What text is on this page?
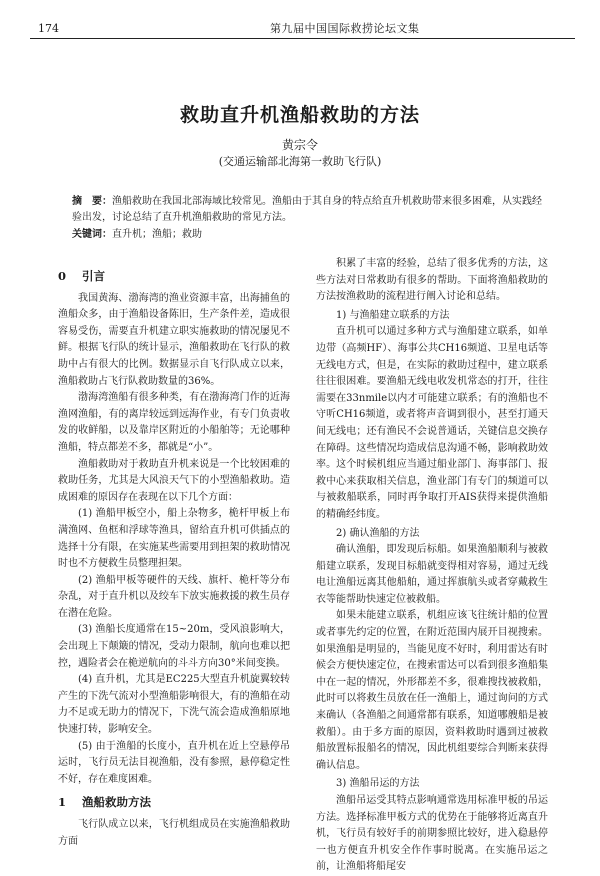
174	第九届中国国际救捞论坛文集
救助直升机渔船救助的方法
黄宗令
(交通运输部北海第一救助飞行队)
摘　要：渔船救助在我国北部海域比较常见。渔船由于其自身的特点给直升机救助带来很多困难，从实践经验出发，讨论总结了直升机渔船救助的常见方法。
关键词：直升机；渔船；救助
0 引言

我国黄海、渤海湾的渔业资源丰富，出海捕鱼的渔船众多，由于渔船设备陈旧，生产条件差，造成很容易受伤，需要直升机建立职实施救助的情况屡见不鲜。根据飞行队的统计显示，渔船救助在飞行队的救助中占有很大的比例。数据显示自飞行队成立以来，渔船救助占飞行队救助数量的36%。

渤海湾渔船有很多种类，有在渤海湾门作的近海渔网渔船，有的离岸较远到远海作业，有专门负责收发的收鲜船，以及靠岸区附近的小船舶等；无论哪种渔船，特点都差不多，都就是“小”。

渔船救助对于救助直升机来说是一个比较困难的救助任务，尤其是大风浪天气下的小型渔船救助。造成困难的原因存在表现在以下几个方面：

(1) 渔船甲板空小，船上杂物多，桅杆甲板上布满渔网、鱼框和浮球等渔具，留给直升机可供插点的选择十分有限，在实施某些需要用到担架的救助情况时也不方便救生员整理担架。

(2) 渔船甲板等硬件的天线、旗杆、桅杆等分布杂乱，对于直升机以及绞车下放实施救援的救生员存在潜在危险。

(3) 渔船长度通常在15~20m，受风浪影响大，会出现上下颠簸的情况，受动力限制，航向也难以把控，遇险者会在桅逆航向的斗斗方向30°米间变换。

(4) 直升机，尤其是EC225大型直升机旋翼较转产生的下洗气流对小型渔船影响很大，有的渔船在动力不足或无助力的情况下，下洗气流会造成渔船原地快速打转，影响安全。

(5) 由于渔船的长度小，直升机在近上空悬停吊运时，飞行员无法目视渔船，没有参照，悬停稳定性不好，存在难度困难。

1 渔船救助方法

飞行队成立以来，飞行机组成员在实施渔船救助方面

积累了丰富的经验，总结了很多优秀的方法，这些方法对日常救助有很多的帮助。下面将渔船救助的方法按渔救助的流程进行阐入讨论和总结。

1) 与渔船建立联系的方法

直升机可以通过多种方式与渔船建立联系，如单边带（高频HF）、海事公共CH16频道、卫星电话等无线电方式，但是，在实际的救助过程中，建立联系往往很困难。要渔船无线电收发机常态的打开，往往需要在33nmile以内才可能建立联系；有的渔船也不守听CH16频道，或者将声音调到很小，甚至打通天间无线电；还有渔民不会说普通话，关键信息交换存在障碍。这些情况均造成信息沟通不畅，影响救助效率。这个时候机组应当通过船业部门、海事部门、报救中心来获取相关信息，渔业部门有专门的频道可以与被救船联系，同时再争取打开AIS获得来提供渔船的精确经纬度。

2) 确认渔船的方法

确认渔船，即发现后标船。如果渔船顺利与被救船建立联系，发现目标船就变得相对容易，通过无线电让渔船远离其他船舶，通过挥旗航头或者穿戴救生衣等能帮助快速定位被救船。

如果未能建立联系，机组应该飞往统计船的位置或者事先约定的位置，在附近范围内展开目视搜索。如果渔船是明显的，当能见度不好时，利用雷达有时候会方便快速定位，在搜索雷达可以看到很多渔船集中在一起的情况，外形都差不多，很难搜找被救船，此时可以将救生员放在任一渔船上，通过询问的方式来确认（各渔船之间通常都有联系，知道哪艘船是被救船）。由于多方面的原因，资料救助时遇到过被救船放置标报船名的情况，因此机组要综合判断来获得确认信息。

3) 渔船吊运的方法

渔船吊运受其特点影响通常选用标准甲板的吊运方法。选择标准甲板方式的优势在于能够将近离直升机，飞行员有较好手的前期参照比较好，进入稳悬停一也方便直升机安全作作事时脱离。在实施吊运之前，让渔船将船尾安
